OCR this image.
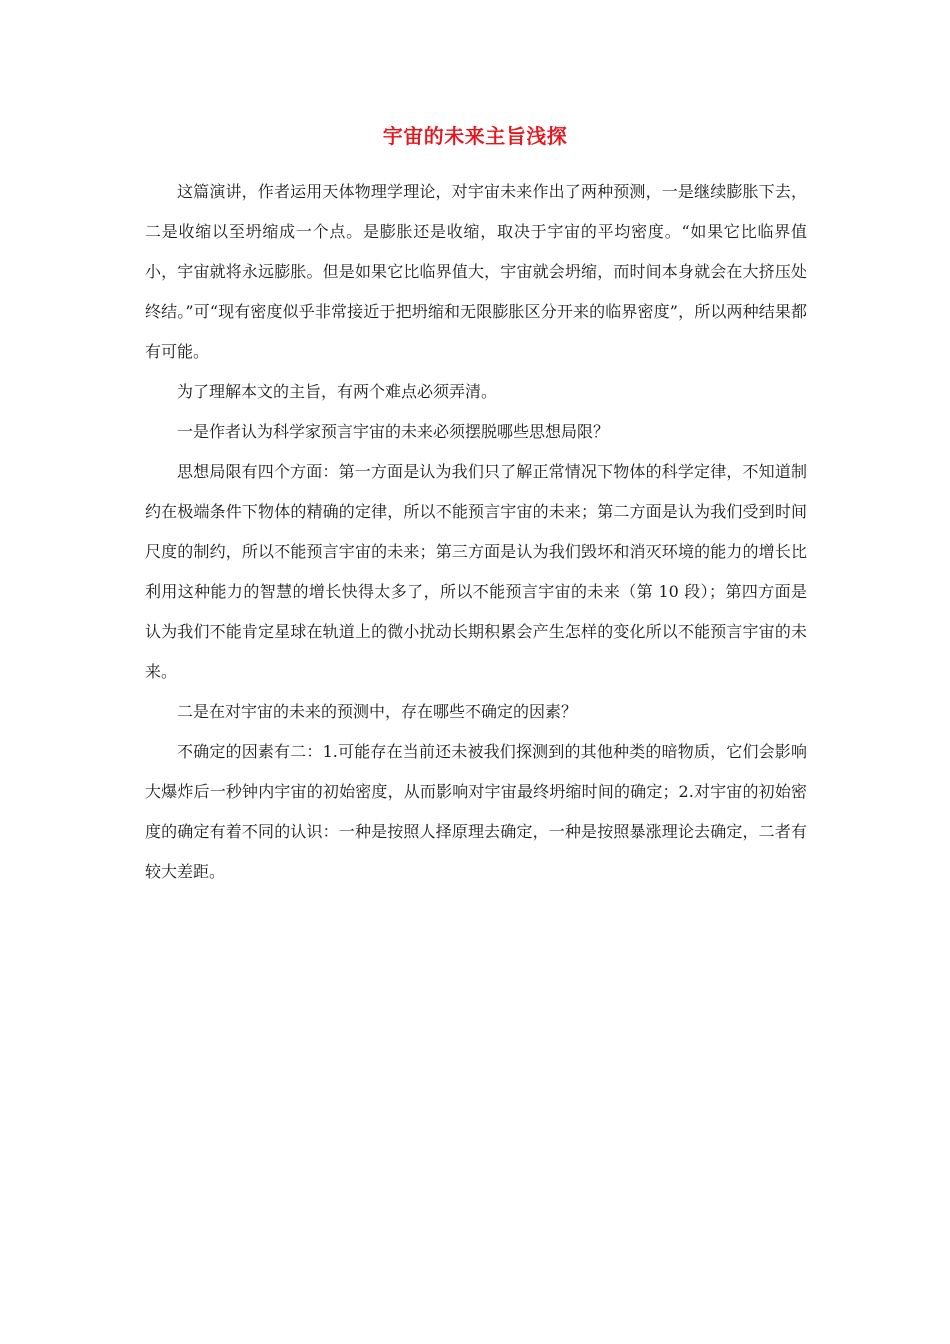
宇宙的未来主旨浅探

这篇演讲，作者运用天体物理学理论，对宇宙未来作出了两种预测，一是继续膨胀下去，二是收缩以至坍缩成一个点。是膨胀还是收缩，取决于宇宙的平均密度。“如果它比临界值小，宇宙就将永远膨胀。但是如果它比临界值大，宇宙就会坍缩，而时间本身就会在大挤压处终结。”可“现有密度似乎非常接近于把坍缩和无限膨胀区分开来的临界密度”，所以两种结果都有可能。

为了理解本文的主旨，有两个难点必须弄清。

一是作者认为科学家预言宇宙的未来必须摆脱哪些思想局限？

思想局限有四个方面：第一方面是认为我们只了解正常情况下物体的科学定律，不知道制约在极端条件下物体的精确的定律，所以不能预言宇宙的未来；第二方面是认为我们受到时间尺度的制约，所以不能预言宇宙的未来；第三方面是认为我们毁坏和消灭环境的能力的增长比利用这种能力的智慧的增长快得太多了，所以不能预言宇宙的未来（第 10 段）；第四方面是认为我们不能肯定星球在轨道上的微小扰动长期积累会产生怎样的变化所以不能预言宇宙的未来。

二是在对宇宙的未来的预测中，存在哪些不确定的因素？

不确定的因素有二：1.可能存在当前还未被我们探测到的其他种类的暗物质，它们会影响大爆炸后一秒钟内宇宙的初始密度，从而影响对宇宙最终坍缩时间的确定；2.对宇宙的初始密度的确定有着不同的认识：一种是按照人择原理去确定，一种是按照暴涨理论去确定，二者有较大差距。
